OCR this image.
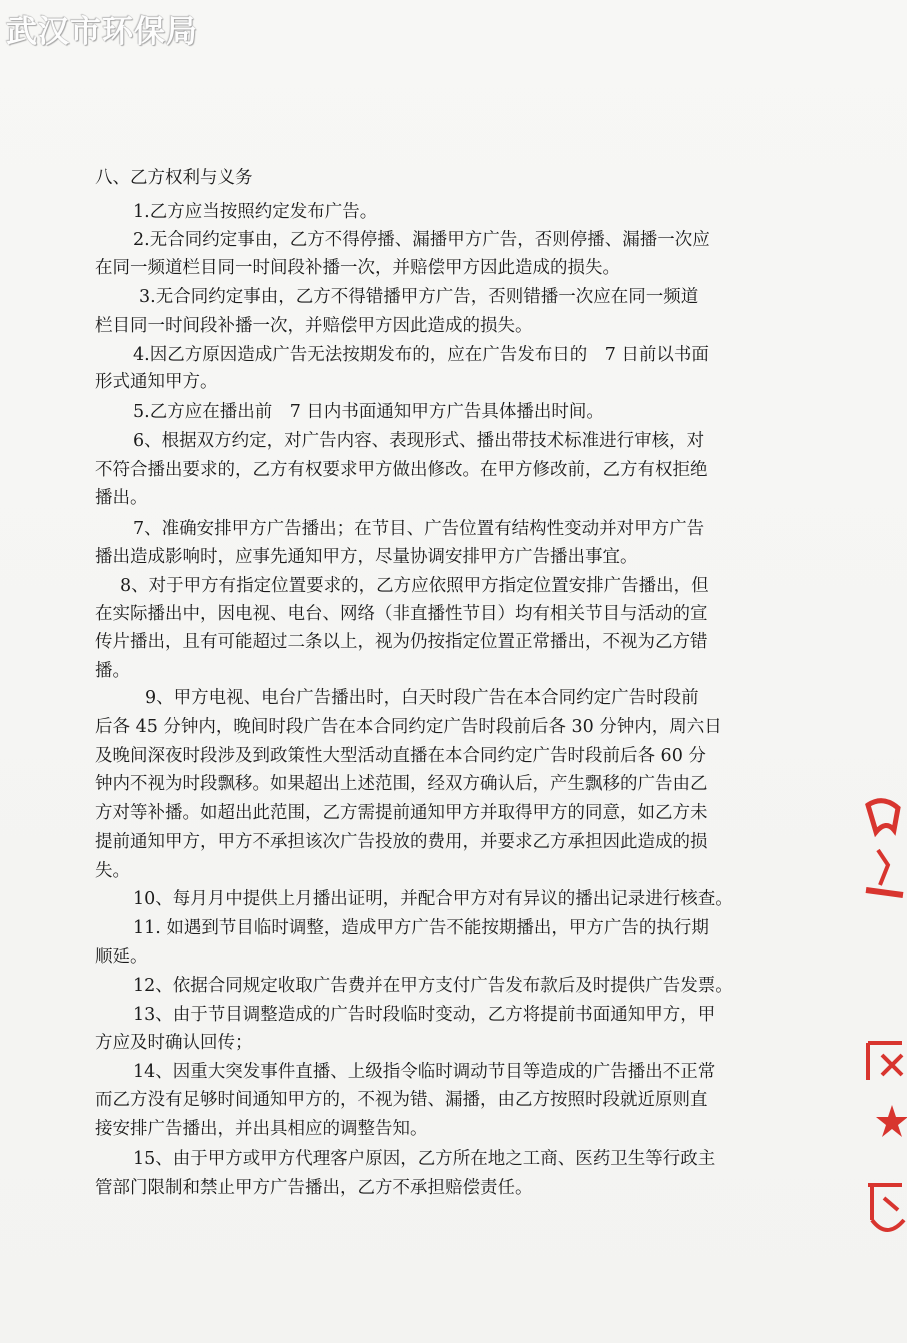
武汉市环保局
八、乙方权利与义务
1.乙方应当按照约定发布广告。
2.无合同约定事由，乙方不得停播、漏播甲方广告，否则停播、漏播一次应
在同一频道栏目同一时间段补播一次，并赔偿甲方因此造成的损失。
3.无合同约定事由，乙方不得错播甲方广告，否则错播一次应在同一频道
栏目同一时间段补播一次，并赔偿甲方因此造成的损失。
4.因乙方原因造成广告无法按期发布的，应在广告发布日的　7 日前以书面
形式通知甲方。
5.乙方应在播出前　7 日内书面通知甲方广告具体播出时间。
6、根据双方约定，对广告内容、表现形式、播出带技术标准进行审核，对
不符合播出要求的，乙方有权要求甲方做出修改。在甲方修改前，乙方有权拒绝
播出。
7、准确安排甲方广告播出；在节目、广告位置有结构性变动并对甲方广告
播出造成影响时，应事先通知甲方，尽量协调安排甲方广告播出事宜。
8、对于甲方有指定位置要求的，乙方应依照甲方指定位置安排广告播出，但
在实际播出中，因电视、电台、网络（非直播性节目）均有相关节目与活动的宣
传片播出，且有可能超过二条以上，视为仍按指定位置正常播出，不视为乙方错
播。
9、甲方电视、电台广告播出时，白天时段广告在本合同约定广告时段前
后各 45 分钟内，晚间时段广告在本合同约定广告时段前后各 30 分钟内，周六日
及晚间深夜时段涉及到政策性大型活动直播在本合同约定广告时段前后各 60 分
钟内不视为时段飘移。如果超出上述范围，经双方确认后，产生飘移的广告由乙
方对等补播。如超出此范围，乙方需提前通知甲方并取得甲方的同意，如乙方未
提前通知甲方，甲方不承担该次广告投放的费用，并要求乙方承担因此造成的损
失。
10、每月月中提供上月播出证明，并配合甲方对有异议的播出记录进行核查。
11. 如遇到节目临时调整，造成甲方广告不能按期播出，甲方广告的执行期
顺延。
12、依据合同规定收取广告费并在甲方支付广告发布款后及时提供广告发票。
13、由于节目调整造成的广告时段临时变动，乙方将提前书面通知甲方，甲
方应及时确认回传；
14、因重大突发事件直播、上级指令临时调动节目等造成的广告播出不正常
而乙方没有足够时间通知甲方的，不视为错、漏播，由乙方按照时段就近原则直
接安排广告播出，并出具相应的调整告知。
15、由于甲方或甲方代理客户原因，乙方所在地之工商、医药卫生等行政主
管部门限制和禁止甲方广告播出，乙方不承担赔偿责任。
